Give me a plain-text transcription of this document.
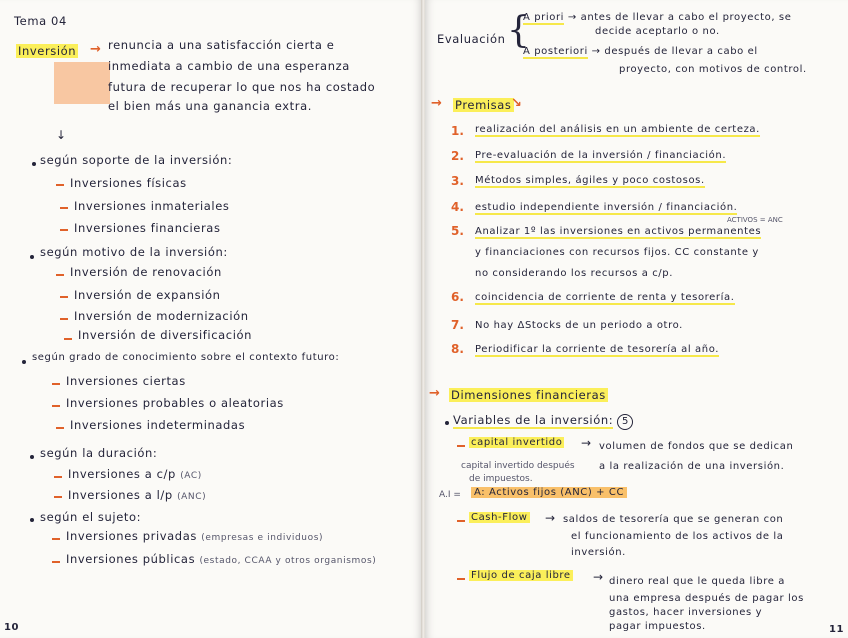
Tema 04
Inversión → renuncia a una satisfacción cierta e
inmediata a cambio de una esperanza
futura de recuperar lo que nos ha costado
el bien más una ganancia extra.
↓
según soporte de la inversión:
Inversiones físicas
Inversiones inmateriales
Inversiones financieras
según motivo de la inversión:
Inversión de renovación
Inversión de expansión
Inversión de modernización
Inversión de diversificación
según grado de conocimiento sobre el contexto futuro:
Inversiones ciertas
Inversiones probables o aleatorias
Inversiones indeterminadas
según la duración:
Inversiones a c/p (AC)
Inversiones a l/p (ANC)
según el sujeto:
Inversiones privadas (empresas e individuos)
Inversiones públicas (estado, CCAA y otros organismos)
10
Evaluación {
A priori → antes de llevar a cabo el proyecto, se
decide aceptarlo o no.
A posteriori → después de llevar a cabo el
proyecto, con motivos de control.
→ Premisas ↘
1. realización del análisis en un ambiente de certeza.
2. Pre-evaluación de la inversión / financiación.
3. Métodos simples, ágiles y poco costosos.
4. estudio independiente inversión / financiación.
ACTIVOS = ANC
5. Analizar 1º las inversiones en activos permanentes
y financiaciones con recursos fijos. CC constante y
no considerando los recursos a c/p.
6. coincidencia de corriente de renta y tesorería.
7. No hay ΔStocks de un periodo a otro.
8. Periodificar la corriente de tesorería al año.
→ Dimensiones financieras
Variables de la inversión: 5
capital invertido → volumen de fondos que se dedican
a la realización de una inversión.
capital invertido después
de impuestos.
A.I =	A: Activos fijos (ANC) + CC
Cash-Flow → saldos de tesorería que se generan con
el funcionamiento de los activos de la
inversión.
Flujo de caja libre → dinero real que le queda libre a
una empresa después de pagar los
gastos, hacer inversiones y
pagar impuestos.	11
